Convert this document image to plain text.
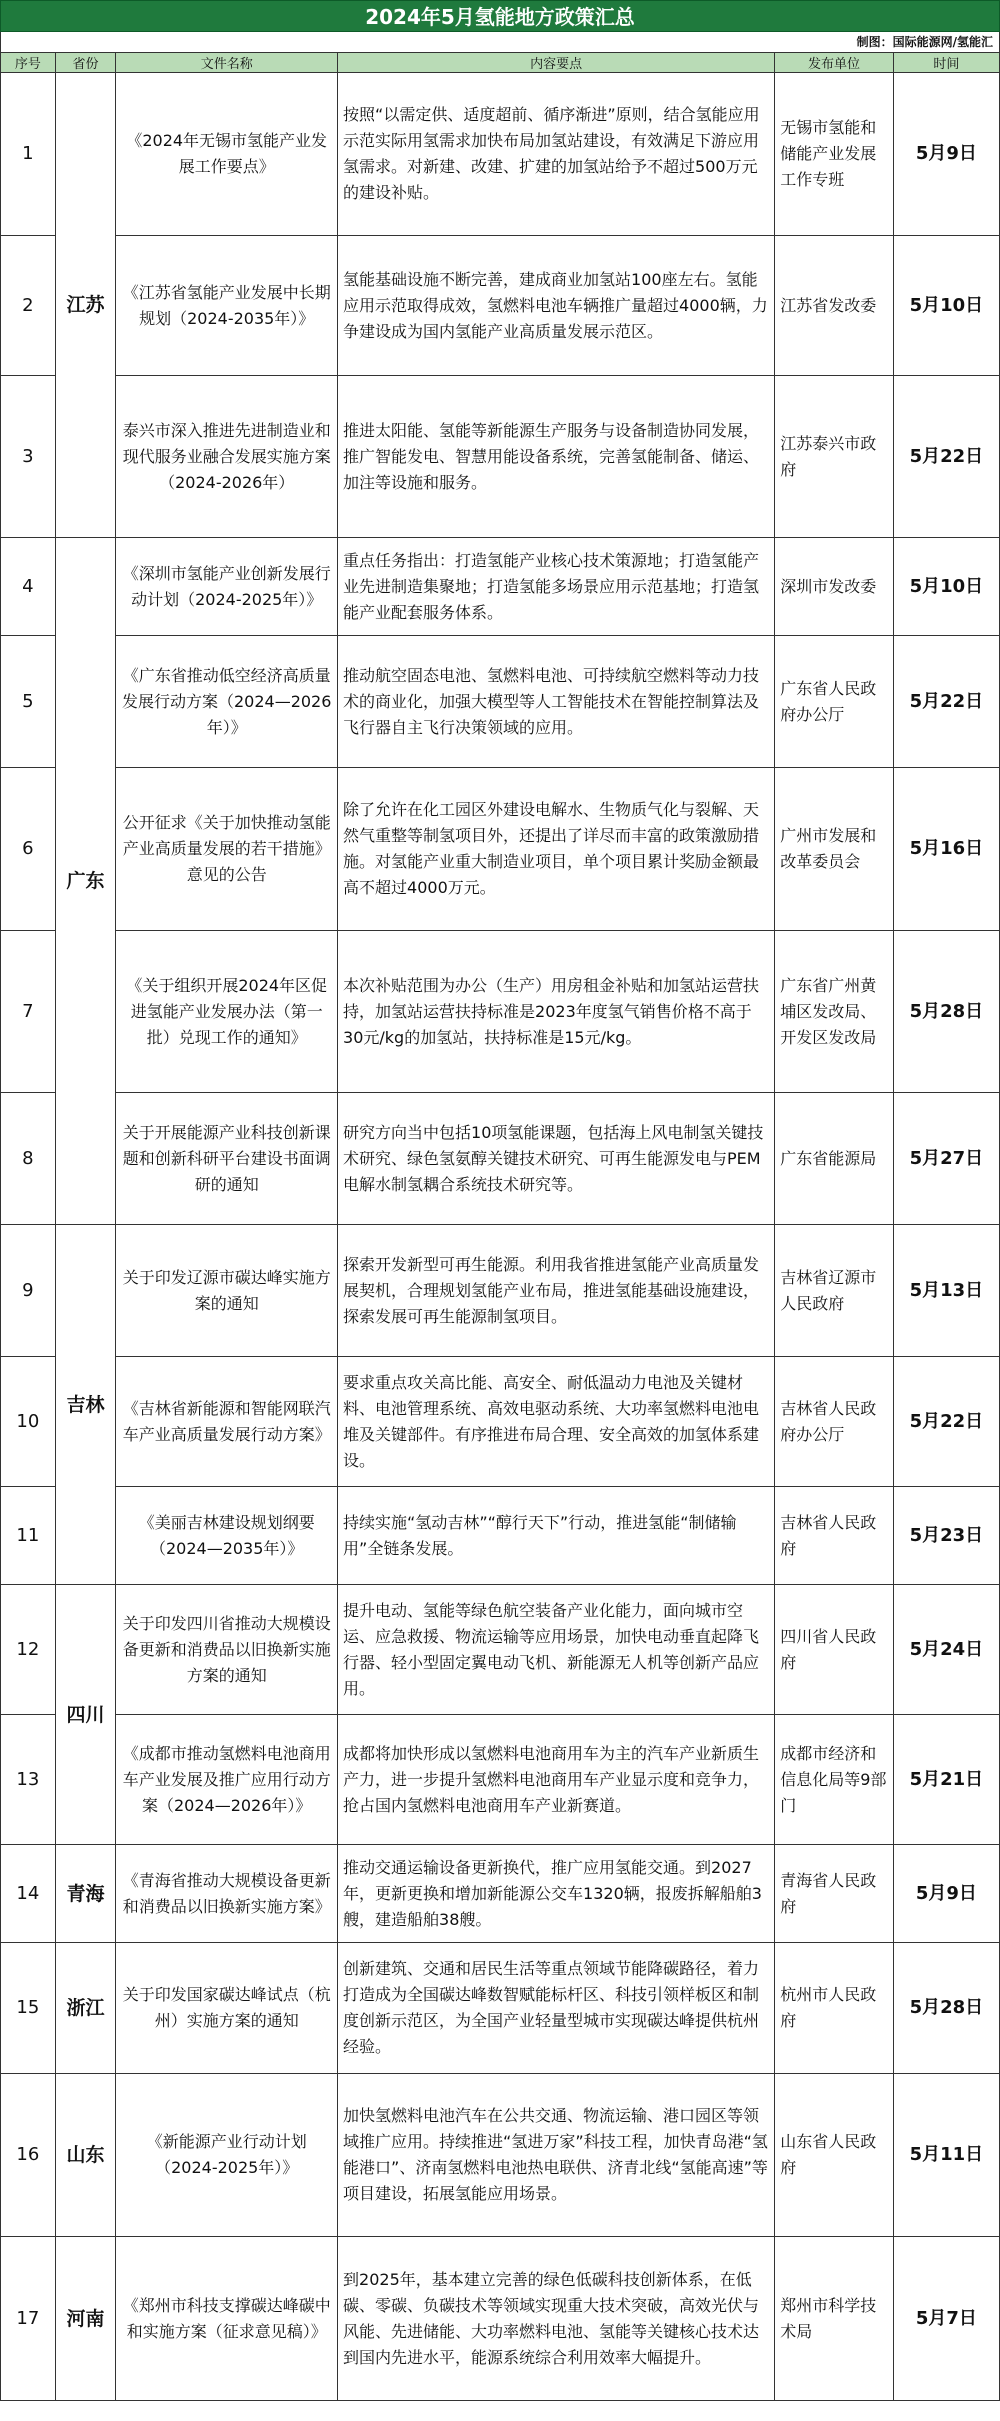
2024年5月氢能地方政策汇总
制图：国际能源网/氢能汇
序号	省份	文件名称	内容要点	发布单位	时间
1	江苏	《2024年无锡市氢能产业发展工作要点》	按照“以需定供、适度超前、循序渐进”原则，结合氢能应用示范实际用氢需求加快布局加氢站建设，有效满足下游应用氢需求。对新建、改建、扩建的加氢站给予不超过500万元的建设补贴。	无锡市氢能和储能产业发展工作专班	5月9日
2		《江苏省氢能产业发展中长期规划（2024-2035年）》	氢能基础设施不断完善，建成商业加氢站100座左右。氢能应用示范取得成效，氢燃料电池车辆推广量超过4000辆，力争建设成为国内氢能产业高质量发展示范区。	江苏省发改委	5月10日
3		泰兴市深入推进先进制造业和现代服务业融合发展实施方案（2024-2026年）	推进太阳能、氢能等新能源生产服务与设备制造协同发展，推广智能发电、智慧用能设备系统，完善氢能制备、储运、加注等设施和服务。	江苏泰兴市政府	5月22日
4	广东	《深圳市氢能产业创新发展行动计划（2024-2025年）》	重点任务指出：打造氢能产业核心技术策源地；打造氢能产业先进制造集聚地；打造氢能多场景应用示范基地；打造氢能产业配套服务体系。	深圳市发改委	5月10日
5		《广东省推动低空经济高质量发展行动方案（2024—2026年）》	推动航空固态电池、氢燃料电池、可持续航空燃料等动力技术的商业化，加强大模型等人工智能技术在智能控制算法及飞行器自主飞行决策领域的应用。	广东省人民政府办公厅	5月22日
6		公开征求《关于加快推动氢能产业高质量发展的若干措施》意见的公告	除了允许在化工园区外建设电解水、生物质气化与裂解、天然气重整等制氢项目外，还提出了详尽而丰富的政策激励措施。对氢能产业重大制造业项目，单个项目累计奖励金额最高不超过4000万元。	广州市发展和改革委员会	5月16日
7		《关于组织开展2024年区促进氢能产业发展办法（第一批）兑现工作的通知》	本次补贴范围为办公（生产）用房租金补贴和加氢站运营扶持，加氢站运营扶持标准是2023年度氢气销售价格不高于30元/kg的加氢站，扶持标准是15元/kg。	广东省广州黄埔区发改局、开发区发改局	5月28日
8		关于开展能源产业科技创新课题和创新科研平台建设书面调研的通知	研究方向当中包括10项氢能课题，包括海上风电制氢关键技术研究、绿色氢氨醇关键技术研究、可再生能源发电与PEM电解水制氢耦合系统技术研究等。	广东省能源局	5月27日
9	吉林	关于印发辽源市碳达峰实施方案的通知	探索开发新型可再生能源。利用我省推进氢能产业高质量发展契机，合理规划氢能产业布局，推进氢能基础设施建设，探索发展可再生能源制氢项目。	吉林省辽源市人民政府	5月13日
10		《吉林省新能源和智能网联汽车产业高质量发展行动方案》	要求重点攻关高比能、高安全、耐低温动力电池及关键材料、电池管理系统、高效电驱动系统、大功率氢燃料电池电堆及关键部件。有序推进布局合理、安全高效的加氢体系建设。	吉林省人民政府办公厅	5月22日
11		《美丽吉林建设规划纲要（2024—2035年）》	持续实施“氢动吉林”“醇行天下”行动，推进氢能“制储输用”全链条发展。	吉林省人民政府	5月23日
12	四川	关于印发四川省推动大规模设备更新和消费品以旧换新实施方案的通知	提升电动、氢能等绿色航空装备产业化能力，面向城市空运、应急救援、物流运输等应用场景，加快电动垂直起降飞行器、轻小型固定翼电动飞机、新能源无人机等创新产品应用。	四川省人民政府	5月24日
13		《成都市推动氢燃料电池商用车产业发展及推广应用行动方案（2024—2026年）》	成都将加快形成以氢燃料电池商用车为主的汽车产业新质生产力，进一步提升氢燃料电池商用车产业显示度和竞争力，抢占国内氢燃料电池商用车产业新赛道。	成都市经济和信息化局等9部门	5月21日
14	青海	《青海省推动大规模设备更新和消费品以旧换新实施方案》	推动交通运输设备更新换代，推广应用氢能交通。到2027年，更新更换和增加新能源公交车1320辆，报废拆解船舶3艘，建造船舶38艘。	青海省人民政府	5月9日
15	浙江	关于印发国家碳达峰试点（杭州）实施方案的通知	创新建筑、交通和居民生活等重点领域节能降碳路径，着力打造成为全国碳达峰数智赋能标杆区、科技引领样板区和制度创新示范区，为全国产业轻量型城市实现碳达峰提供杭州经验。	杭州市人民政府	5月28日
16	山东	《新能源产业行动计划（2024-2025年）》	加快氢燃料电池汽车在公共交通、物流运输、港口园区等领域推广应用。持续推进“氢进万家”科技工程，加快青岛港“氢能港口”、济南氢燃料电池热电联供、济青北线“氢能高速”等项目建设，拓展氢能应用场景。	山东省人民政府	5月11日
17	河南	《郑州市科技支撑碳达峰碳中和实施方案（征求意见稿）》	到2025年，基本建立完善的绿色低碳科技创新体系，在低碳、零碳、负碳技术等领域实现重大技术突破，高效光伏与风能、先进储能、大功率燃料电池、氢能等关键核心技术达到国内先进水平，能源系统综合利用效率大幅提升。	郑州市科学技术局	5月7日
